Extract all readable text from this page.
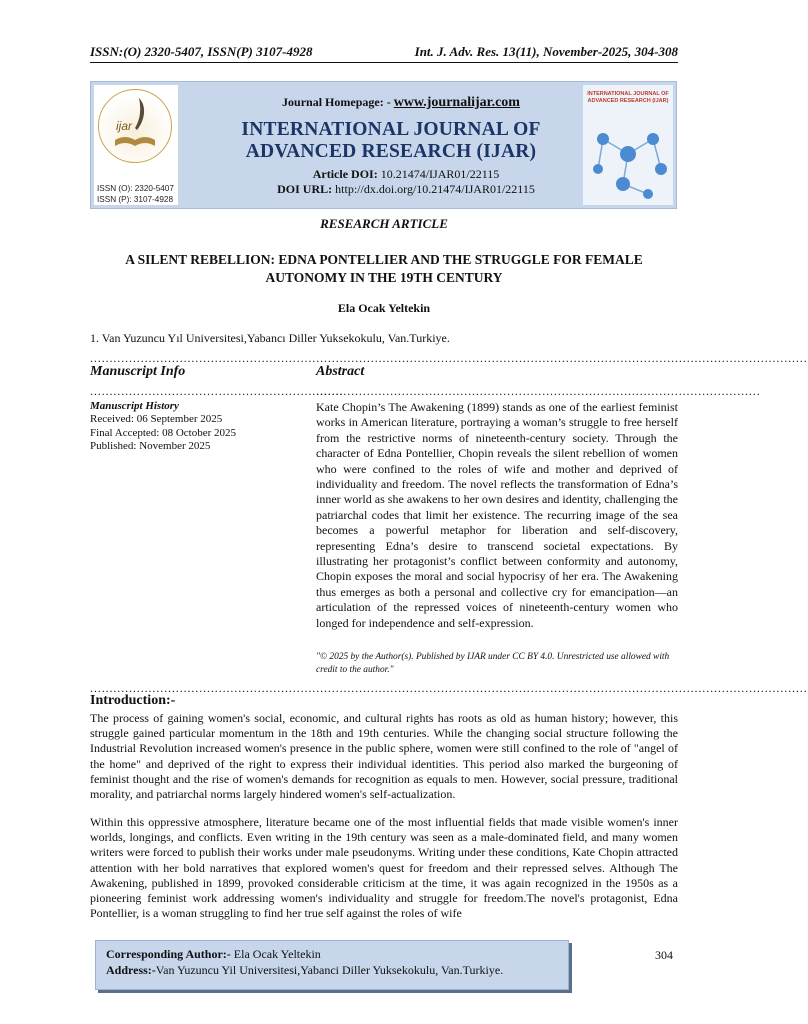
ISSN:(O) 2320-5407, ISSN(P) 3107-4928	Int. J. Adv. Res. 13(11), November-2025, 304-308
ijar
ISSN (O): 2320-5407
ISSN (P): 3107-4928
Journal Homepage: - www.journalijar.com
INTERNATIONAL JOURNAL OF
ADVANCED RESEARCH (IJAR)
Article DOI: 10.21474/IJAR01/22115
DOI URL: http://dx.doi.org/10.21474/IJAR01/22115
INTERNATIONAL JOURNAL OF ADVANCED RESEARCH (IJAR)
RESEARCH ARTICLE
A SILENT REBELLION: EDNA PONTELLIER AND THE STRUGGLE FOR FEMALE
AUTONOMY IN THE 19TH CENTURY
Ela Ocak Yeltekin
1. Van Yuzuncu Yıl Universitesi,Yabancı Diller Yuksekokulu, Van.Turkiye.
........................................................................................................................................................................................
Manuscript Info	Abstract
.................................................................
..................................................................................................................
Manuscript History
Received: 06 September 2025
Final Accepted: 08 October 2025
Published: November 2025

Kate Chopin’s The Awakening (1899) stands as one of the earliest feminist works in American literature, portraying a woman’s struggle to free herself from the restrictive norms of nineteenth-century society. Through the character of Edna Pontellier, Chopin reveals the silent rebellion of women who were confined to the roles of wife and mother and deprived of individuality and freedom. The novel reflects the transformation of Edna’s inner world as she awakens to her own desires and identity, challenging the patriarchal codes that limit her existence. The recurring image of the sea becomes a powerful metaphor for liberation and self-discovery, representing Edna’s desire to transcend societal expectations. By illustrating her protagonist’s conflict between conformity and autonomy, Chopin exposes the moral and social hypocrisy of her era. The Awakening thus emerges as both a personal and collective cry for emancipation—an articulation of the repressed voices of nineteenth-century women who longed for independence and self-expression.

"© 2025 by the Author(s). Published by IJAR under CC BY 4.0. Unrestricted use allowed with credit to the author."
........................................................................................................................................................................................
Introduction:-

The process of gaining women's social, economic, and cultural rights has roots as old as human history; however, this struggle gained particular momentum in the 18th and 19th centuries. While the changing social structure following the Industrial Revolution increased women's presence in the public sphere, women were still confined to the role of "angel of the home" and deprived of the right to express their individual identities. This period also marked the burgeoning of feminist thought and the rise of women's demands for recognition as equals to men. However, social pressure, traditional morality, and patriarchal norms largely hindered women's self-actualization.

Within this oppressive atmosphere, literature became one of the most influential fields that made visible women's inner worlds, longings, and conflicts. Even writing in the 19th century was seen as a male-dominated field, and many women writers were forced to publish their works under male pseudonyms. Writing under these conditions, Kate Chopin attracted attention with her bold narratives that explored women's quest for freedom and their repressed selves. Although The Awakening, published in 1899, provoked considerable criticism at the time, it was again recognized in the 1950s as a pioneering feminist work addressing women's individuality and struggle for freedom.The novel's protagonist, Edna Pontellier, is a woman struggling to find her true self against the roles of wife

Corresponding Author:- Ela Ocak Yeltekin
Address:-Van Yuzuncu Yil Universitesi,Yabanci Diller Yuksekokulu, Van.Turkiye.
304
